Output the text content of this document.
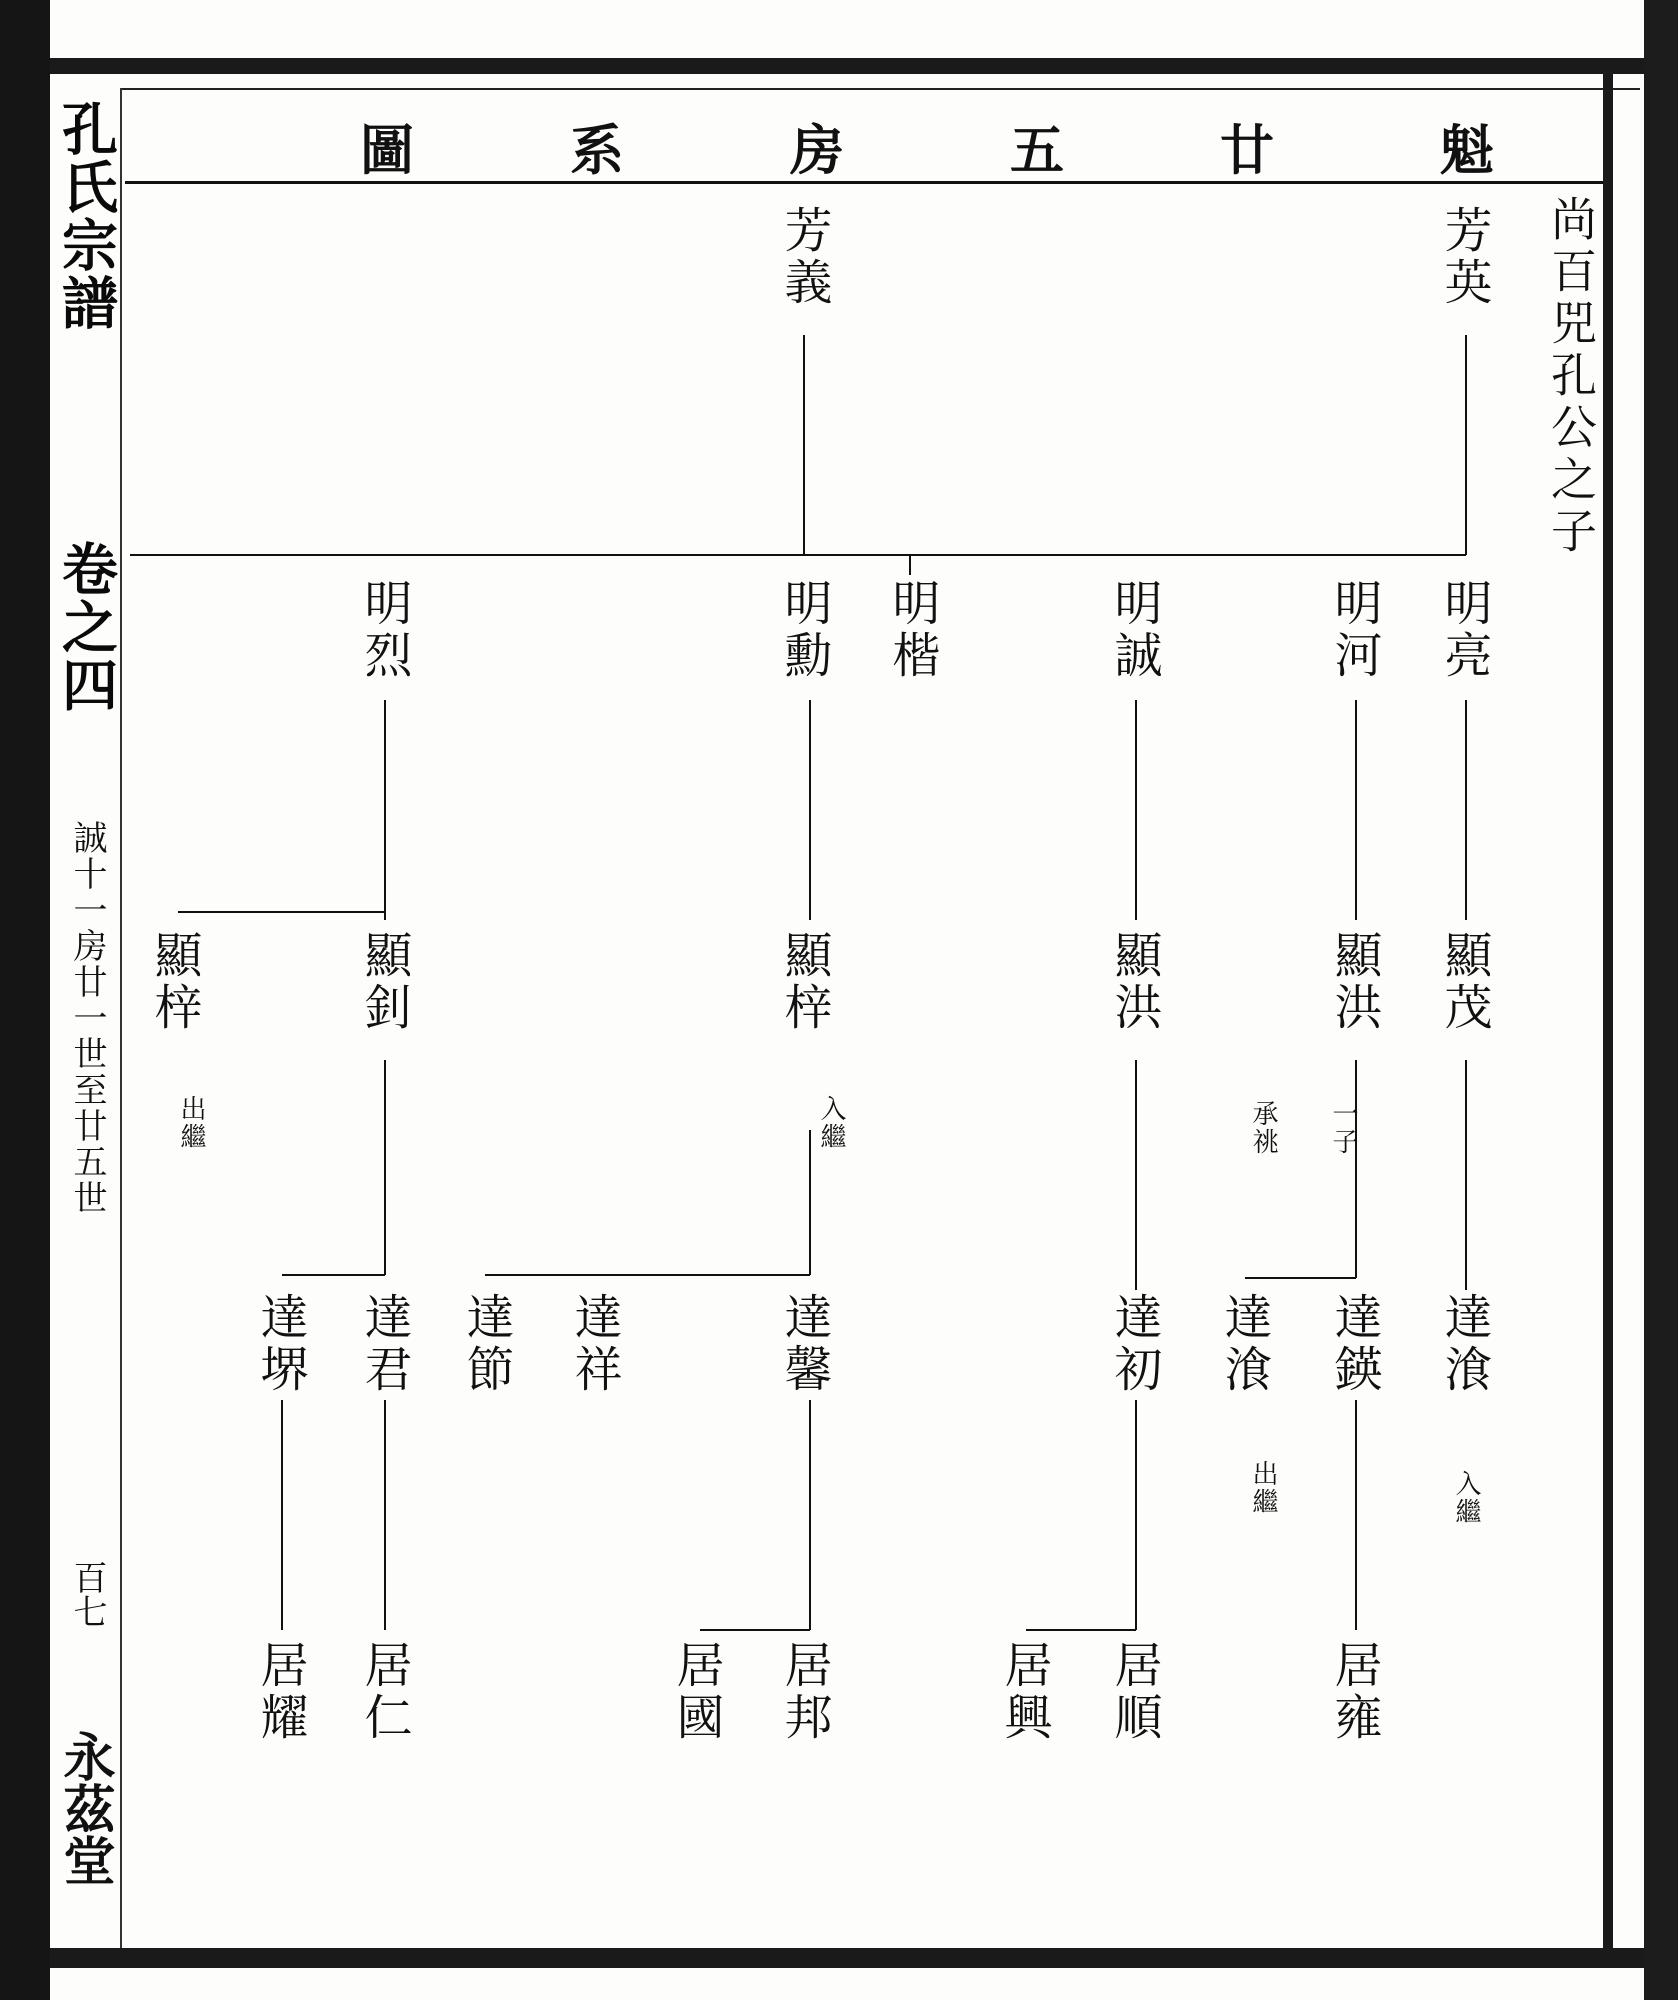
孔氏宗譜
卷之四
誠十一房廿一世至廿五世
百七
永茲堂
魁
廿
五
房
系
圖
尚百兕孔公之子
芳英
芳義
明亮
明河
明誠
明楷
明勳
明烈
顯茂
顯洪
顯洪
顯梓
顯釗
顯梓
入繼
一子
承祧
出繼
入繼
出繼
達湌
達鍈
達湌
達初
達馨
達祥
達節
達君
達堺
居雍
居順
居興
居邦
居國
居仁
居耀
